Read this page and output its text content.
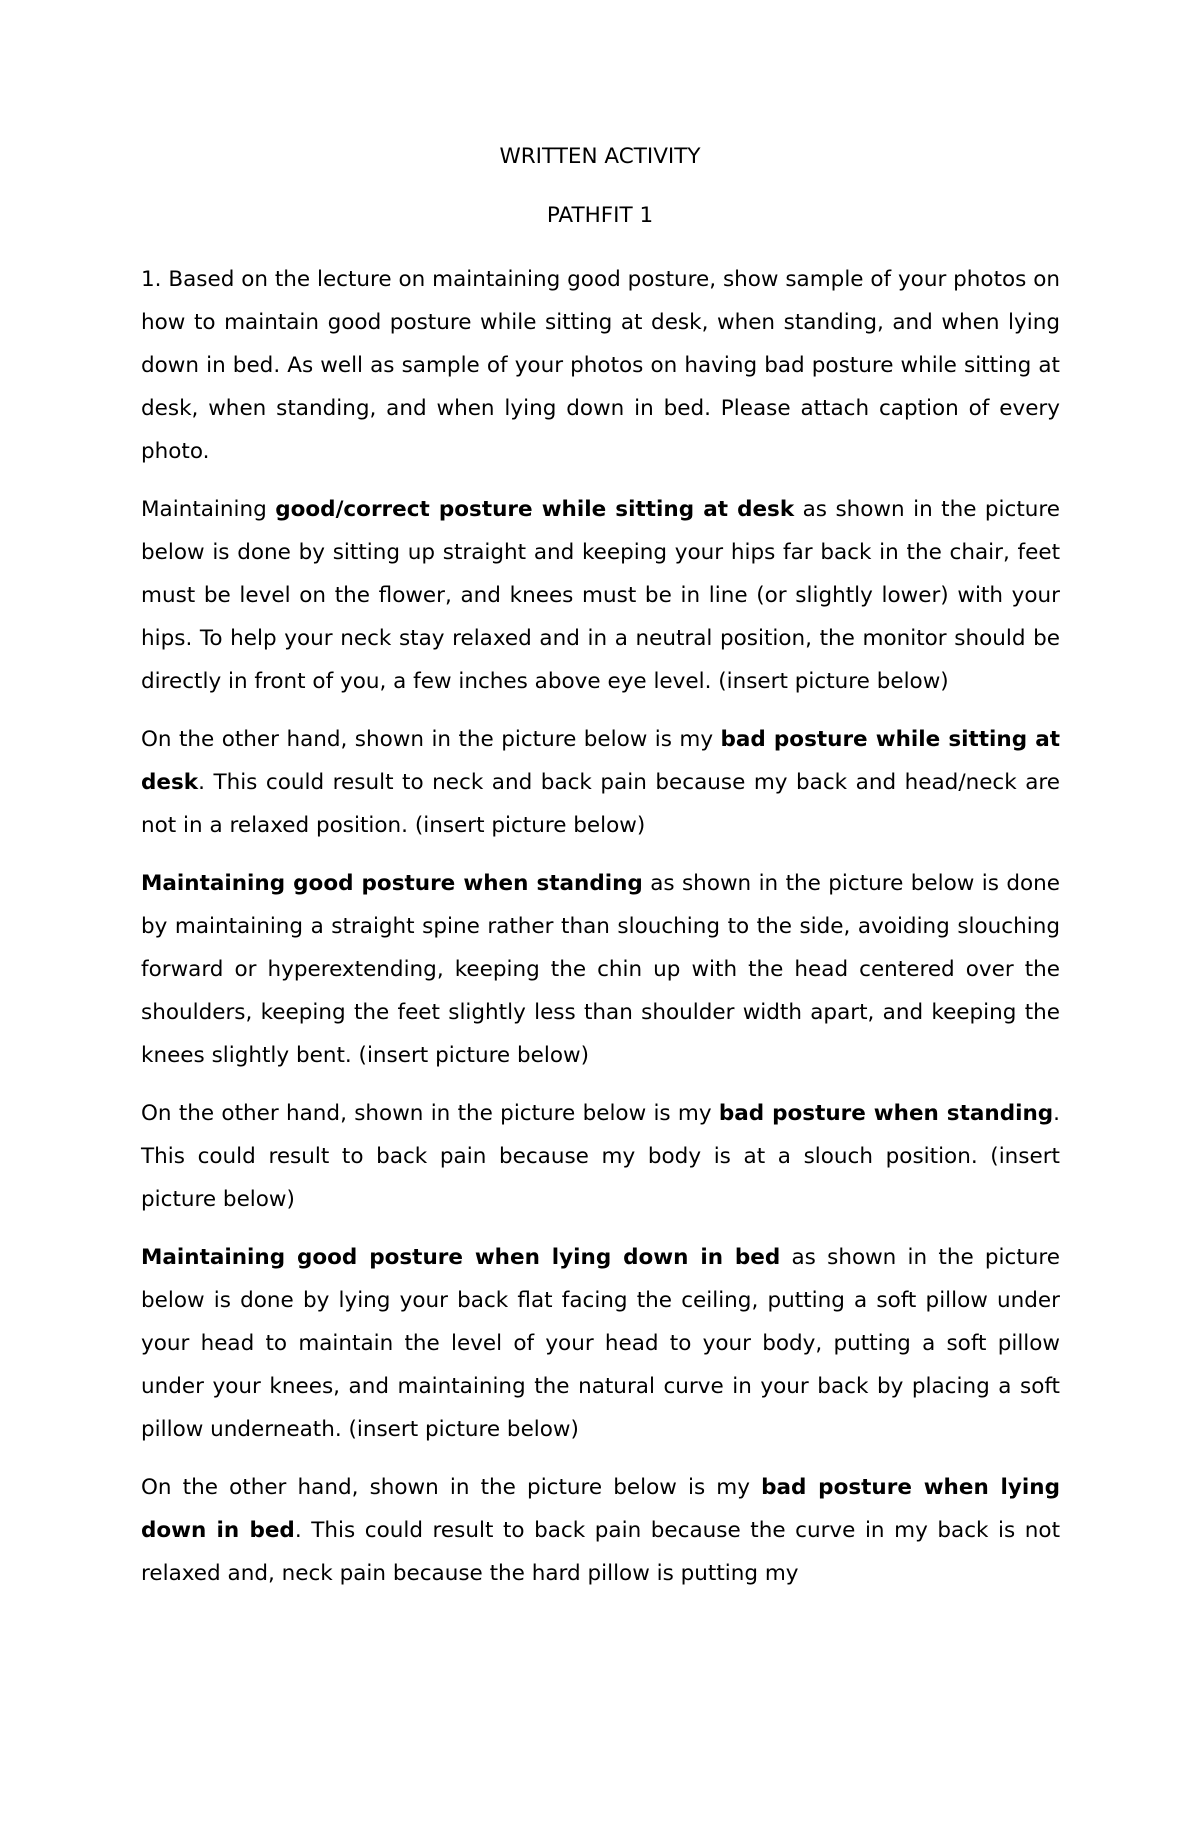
WRITTEN ACTIVITY

PATHFIT 1

1. Based on the lecture on maintaining good posture, show sample of your photos on how to maintain good posture while sitting at desk, when standing, and when lying down in bed. As well as sample of your photos on having bad posture while sitting at desk, when standing, and when lying down in bed. Please attach caption of every photo.

Maintaining good/correct posture while sitting at desk as shown in the picture below is done by sitting up straight and keeping your hips far back in the chair, feet must be level on the flower, and knees must be in line (or slightly lower) with your hips. To help your neck stay relaxed and in a neutral position, the monitor should be directly in front of you, a few inches above eye level. (insert picture below)

On the other hand, shown in the picture below is my bad posture while sitting at desk. This could result to neck and back pain because my back and head/neck are not in a relaxed position. (insert picture below)

Maintaining good posture when standing as shown in the picture below is done by maintaining a straight spine rather than slouching to the side, avoiding slouching forward or hyperextending, keeping the chin up with the head centered over the shoulders, keeping the feet slightly less than shoulder width apart, and keeping the knees slightly bent. (insert picture below)

On the other hand, shown in the picture below is my bad posture when standing. This could result to back pain because my body is at a slouch position. (insert picture below)

Maintaining good posture when lying down in bed as shown in the picture below is done by lying your back flat facing the ceiling, putting a soft pillow under your head to maintain the level of your head to your body, putting a soft pillow under your knees, and maintaining the natural curve in your back by placing a soft pillow underneath. (insert picture below)

On the other hand, shown in the picture below is my bad posture when lying down in bed. This could result to back pain because the curve in my back is not relaxed and, neck pain because the hard pillow is putting my
